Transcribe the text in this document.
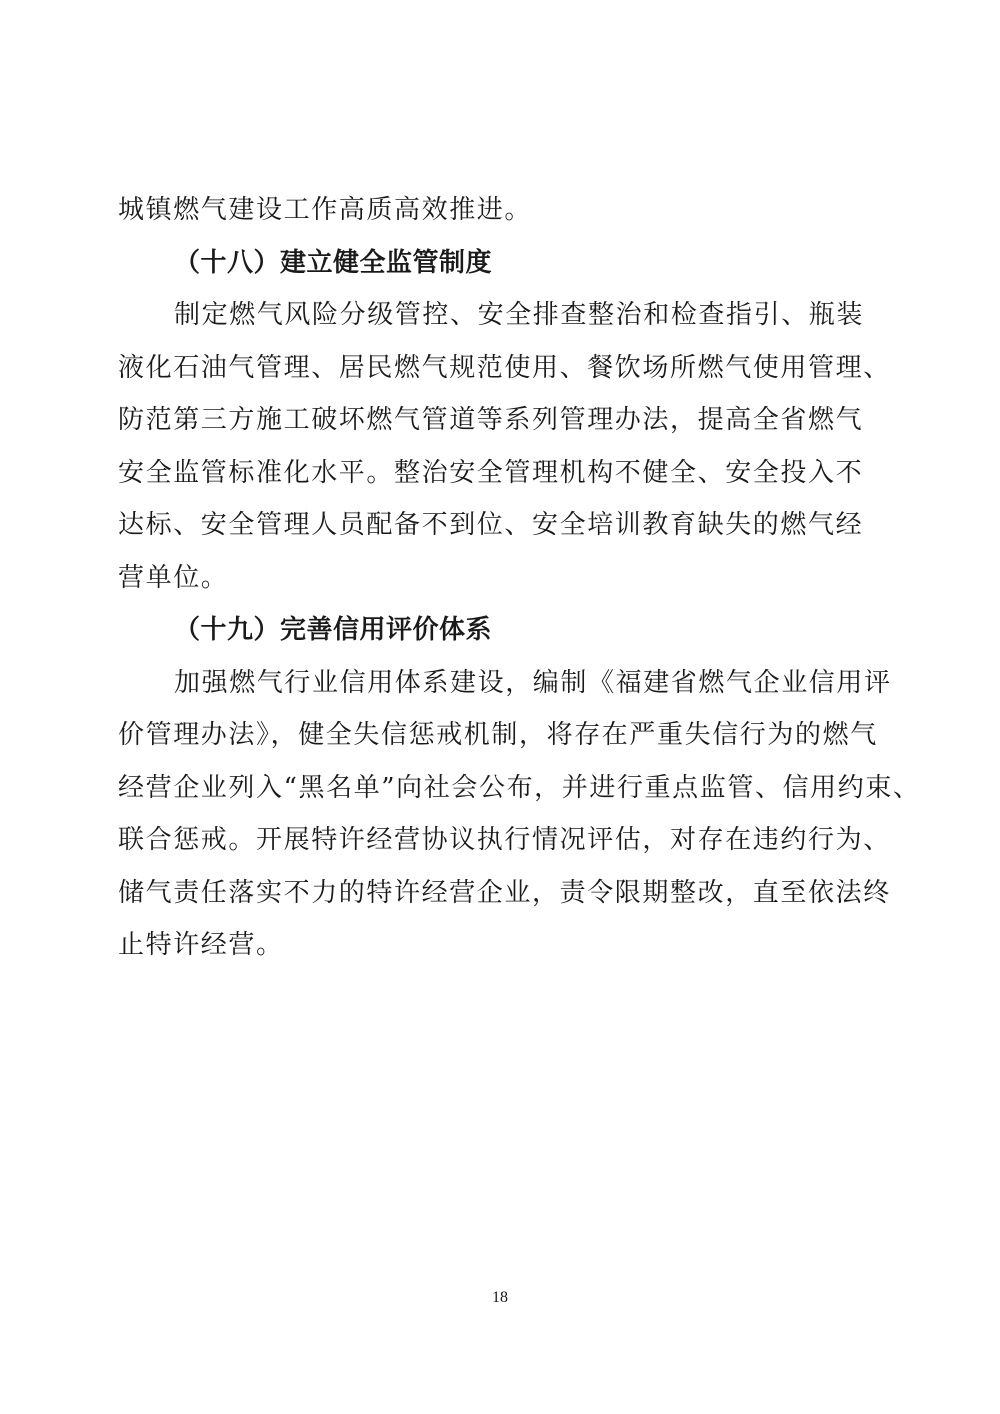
城镇燃气建设工作高质高效推进。
（十八）建立健全监管制度
制定燃气风险分级管控、安全排查整治和检查指引、瓶装
液化石油气管理、居民燃气规范使用、餐饮场所燃气使用管理、
防范第三方施工破坏燃气管道等系列管理办法，提高全省燃气
安全监管标准化水平。整治安全管理机构不健全、安全投入不
达标、安全管理人员配备不到位、安全培训教育缺失的燃气经
营单位。
（十九）完善信用评价体系
加强燃气行业信用体系建设，编制《福建省燃气企业信用评
价管理办法》，健全失信惩戒机制，将存在严重失信行为的燃气
经营企业列入“黑名单”向社会公布，并进行重点监管、信用约束、
联合惩戒。开展特许经营协议执行情况评估，对存在违约行为、
储气责任落实不力的特许经营企业，责令限期整改，直至依法终
止特许经营。
18
